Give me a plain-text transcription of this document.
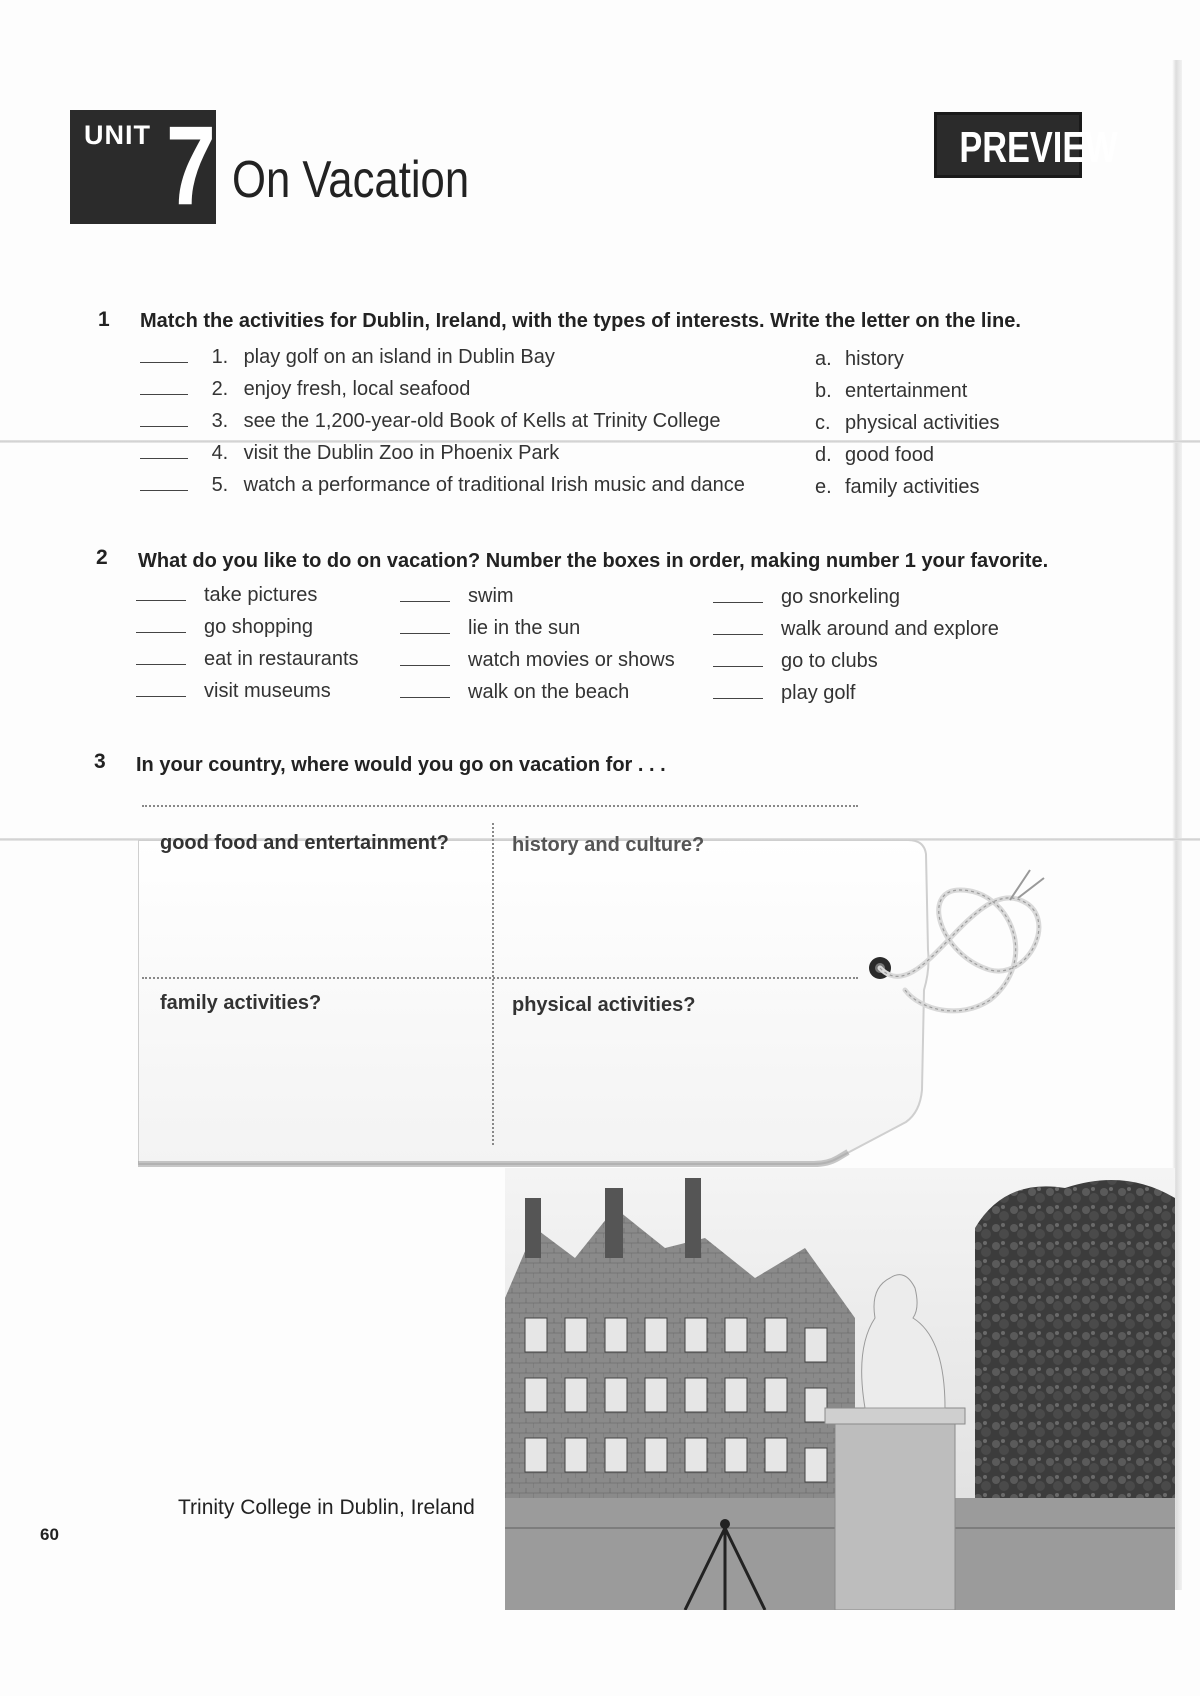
UNIT 7 On Vacation
PREVIEW
1 Match the activities for Dublin, Ireland, with the types of interests. Write the letter on the line.
1. play golf on an island in Dublin Bay
2. enjoy fresh, local seafood
3. see the 1,200-year-old Book of Kells at Trinity College
4. visit the Dublin Zoo in Phoenix Park
5. watch a performance of traditional Irish music and dance
a. history
b. entertainment
c. physical activities
d. good food
e. family activities
2 What do you like to do on vacation? Number the boxes in order, making number 1 your favorite.
take pictures
go shopping
eat in restaurants
visit museums
swim
lie in the sun
watch movies or shows
walk on the beach
go snorkeling
walk around and explore
go to clubs
play golf
3 In your country, where would you go on vacation for . . .
good food and entertainment?	history and culture?
family activities?	physical activities?
Trinity College in Dublin, Ireland
60
